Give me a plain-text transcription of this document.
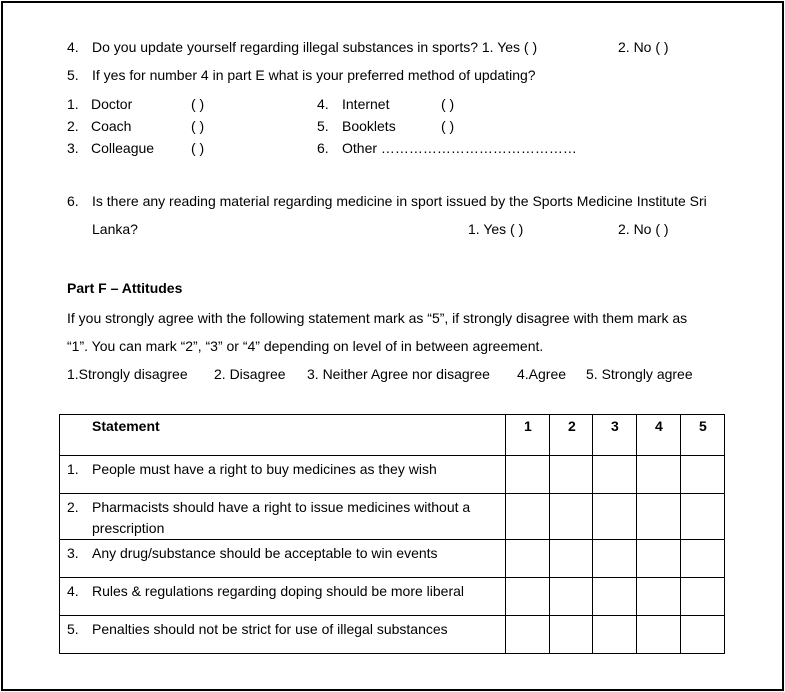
4. Do you update yourself regarding illegal substances in sports? 1. Yes ( )	2. No ( )
5. If yes for number 4 in part E what is your preferred method of updating?
1. Doctor	( )
2. Coach	( )
3. Colleague	( )
4. Internet	( )
5. Booklets	( )
6. Other ……………………………………
6. Is there any reading material regarding medicine in sport issued by the Sports Medicine Institute Sri
Lanka?	1. Yes ( )	2. No ( )
Part F – Attitudes
If you strongly agree with the following statement mark as “5”, if strongly disagree with them mark as
“1”. You can mark “2”, “3” or “4” depending on level of in between agreement.
1.Strongly disagree 2. Disagree 3. Neither Agree nor disagree 4.Agree 5. Strongly agree
Statement	1	2	3	4	5

1. People must have a right to buy medicines as they wish					

2. Pharmacists should have a right to issue medicines without a prescription					

3. Any drug/substance should be acceptable to win events					

4. Rules & regulations regarding doping should be more liberal					

5. Penalties should not be strict for use of illegal substances					
